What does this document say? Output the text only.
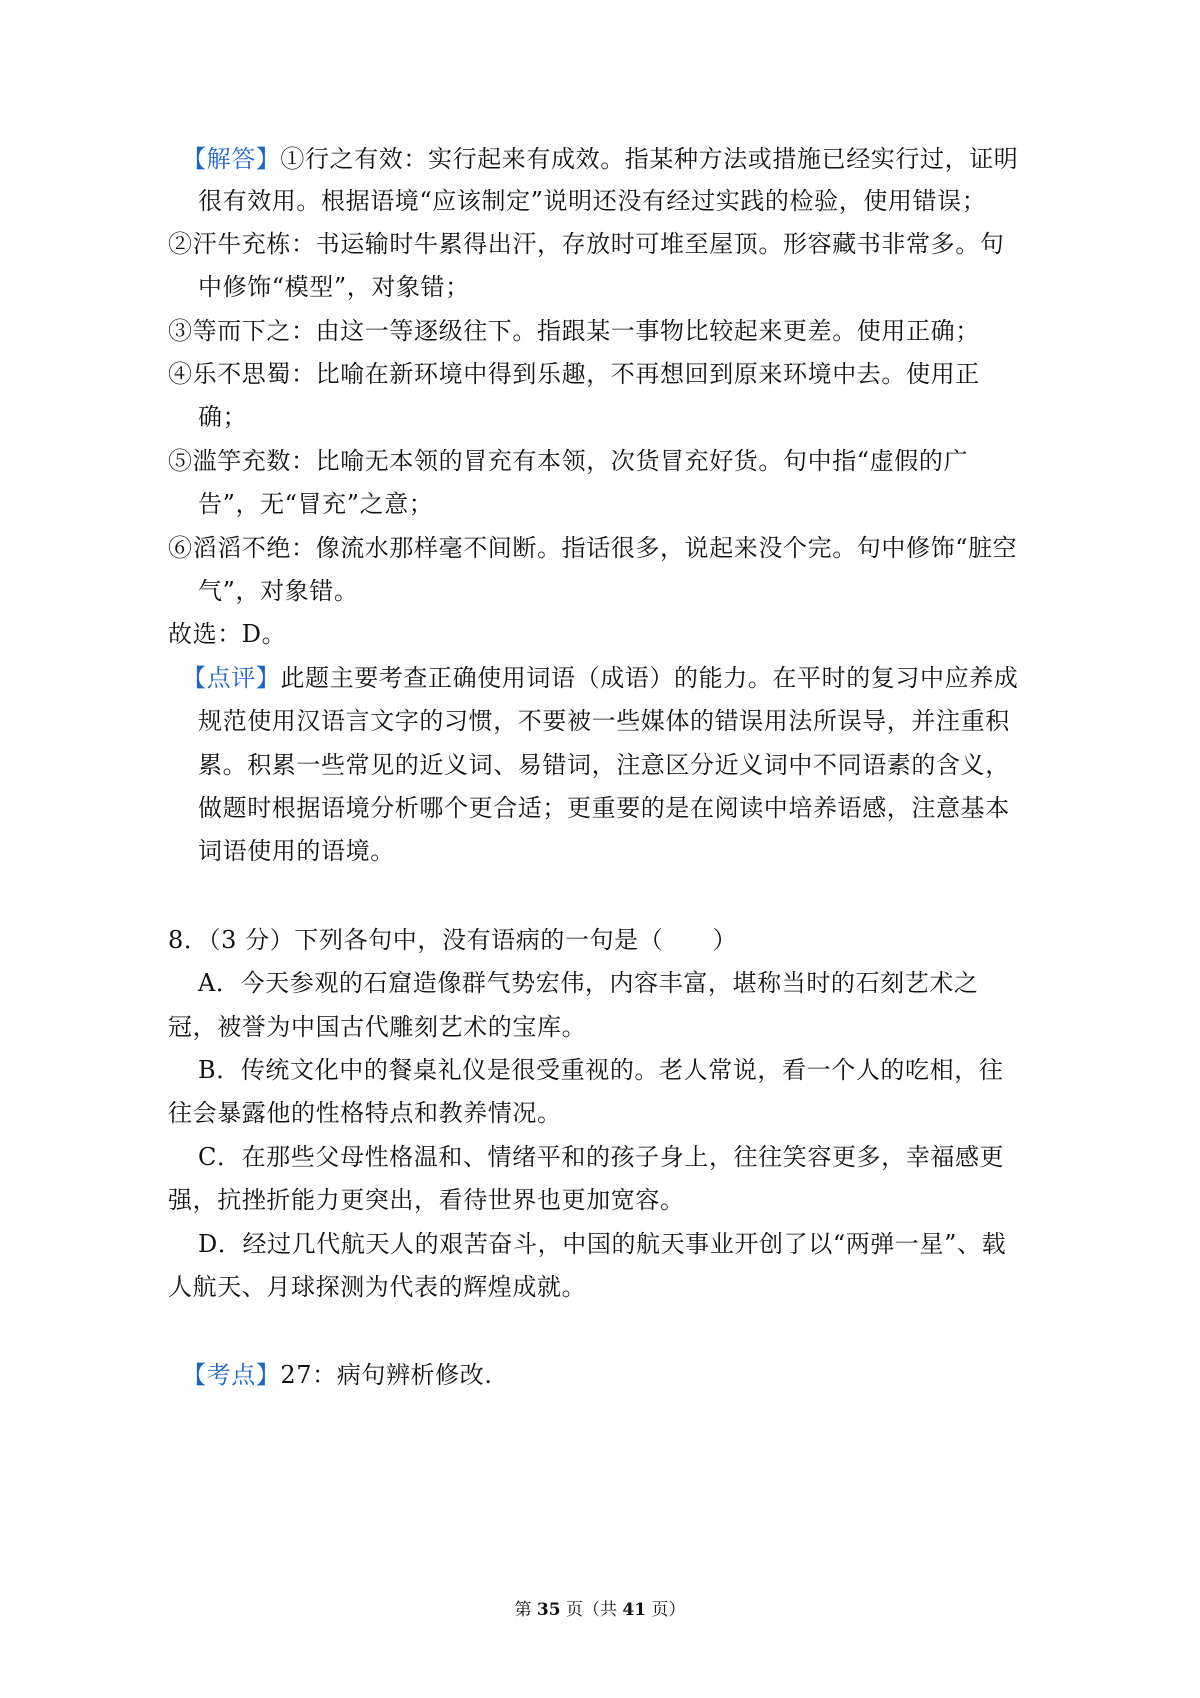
【解答】①行之有效：实行起来有成效。指某种方法或措施已经实行过，证明
很有效用。根据语境“应该制定”说明还没有经过实践的检验，使用错误；
②汗牛充栋：书运输时牛累得出汗，存放时可堆至屋顶。形容藏书非常多。句
中修饰“模型”，对象错；
③等而下之：由这一等逐级往下。指跟某一事物比较起来更差。使用正确；
④乐不思蜀：比喻在新环境中得到乐趣，不再想回到原来环境中去。使用正
确；
⑤滥竽充数：比喻无本领的冒充有本领，次货冒充好货。句中指“虚假的广
告”，无“冒充”之意；
⑥滔滔不绝：像流水那样毫不间断。指话很多，说起来没个完。句中修饰“脏空
气”，对象错。
故选：D。
【点评】此题主要考查正确使用词语（成语）的能力。在平时的复习中应养成
规范使用汉语言文字的习惯，不要被一些媒体的错误用法所误导，并注重积
累。积累一些常见的近义词、易错词，注意区分近义词中不同语素的含义，
做题时根据语境分析哪个更合适；更重要的是在阅读中培养语感，注意基本
词语使用的语境。
8．（3 分）下列各句中，没有语病的一句是（　　）
A．今天参观的石窟造像群气势宏伟，内容丰富，堪称当时的石刻艺术之
冠，被誉为中国古代雕刻艺术的宝库。
B．传统文化中的餐桌礼仪是很受重视的。老人常说，看一个人的吃相，往
往会暴露他的性格特点和教养情况。
C．在那些父母性格温和、情绪平和的孩子身上，往往笑容更多，幸福感更
强，抗挫折能力更突出，看待世界也更加宽容。
D．经过几代航天人的艰苦奋斗，中国的航天事业开创了以“两弹一星”、载
人航天、月球探测为代表的辉煌成就。
【考点】27：病句辨析修改.
第 35 页（共 41 页）
